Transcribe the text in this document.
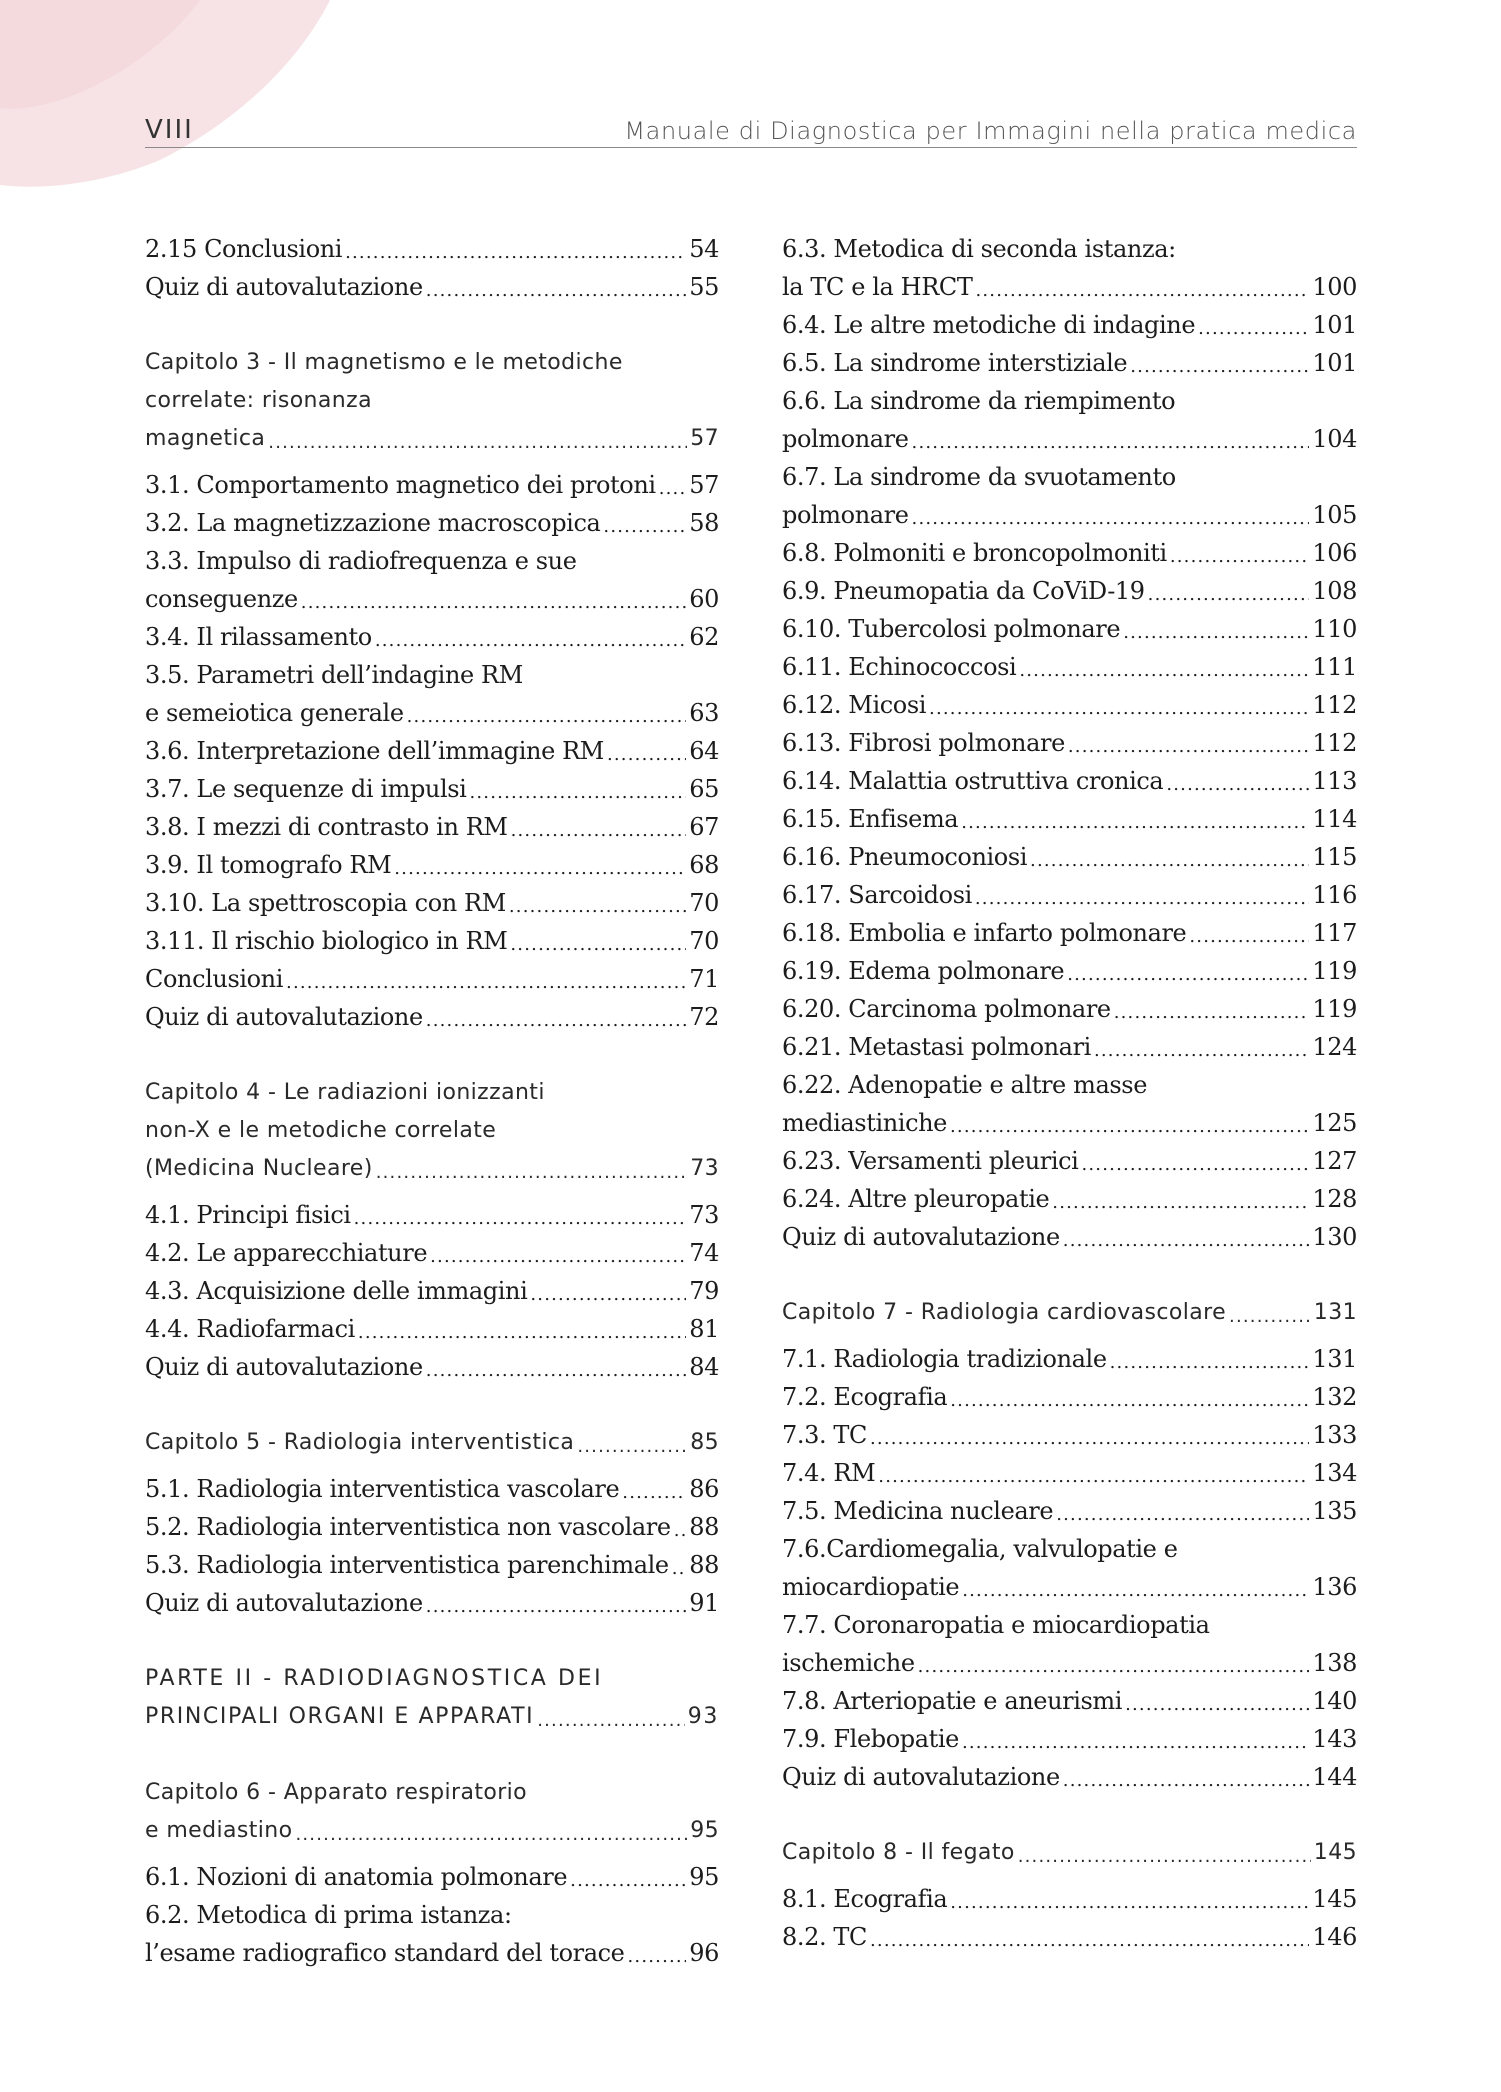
VIII	Manuale di Diagnostica per Immagini nella pratica medica
2.15 Conclusioni .....	54
Quiz di autovalutazione .....	55
Capitolo 3 - Il magnetismo e le metodiche
correlate: risonanza
magnetica .....	57
3.1. Comportamento magnetico dei protoni ..... 57
3.2. La magnetizzazione macroscopica .....	58
3.3. Impulso di radiofrequenza e sue
conseguenze .....	60
3.4. Il rilassamento .....	62
3.5. Parametri dell’indagine RM
e semeiotica generale .....	63
3.6. Interpretazione dell’immagine RM .....	64
3.7. Le sequenze di impulsi .....	65
3.8. I mezzi di contrasto in RM .....	67
3.9. Il tomografo RM .....	68
3.10. La spettroscopia con RM .....	70
3.11. Il rischio biologico in RM .....	70
Conclusioni .....	71
Quiz di autovalutazione .....	72
Capitolo 4 - Le radiazioni ionizzanti
non-X e le metodiche correlate
(Medicina Nucleare) .....	73
4.1. Principi fisici .....	73
4.2. Le apparecchiature .....	74
4.3. Acquisizione delle immagini .....	79
4.4. Radiofarmaci .....	81
Quiz di autovalutazione .....	84
Capitolo 5 - Radiologia interventistica .....	85
5.1. Radiologia interventistica vascolare .....	86
5.2. Radiologia interventistica non vascolare ..... 88
5.3. Radiologia interventistica parenchimale ..... 88
Quiz di autovalutazione .....	91
PARTE II - RADIODIAGNOSTICA DEI
PRINCIPALI ORGANI E APPARATI .....	93
Capitolo 6 - Apparato respiratorio
e mediastino .....	95
6.1. Nozioni di anatomia polmonare .....	95
6.2. Metodica di prima istanza:
l’esame radiografico standard del torace .....	96
6.3. Metodica di seconda istanza:
la TC e la HRCT .....	100
6.4. Le altre metodiche di indagine .....	101
6.5. La sindrome interstiziale .....	101
6.6. La sindrome da riempimento
polmonare .....	104
6.7. La sindrome da svuotamento
polmonare .....	105
6.8. Polmoniti e broncopolmoniti .....	106
6.9. Pneumopatia da CoViD-19 .....	108
6.10. Tubercolosi polmonare .....	110
6.11. Echinococcosi .....	111
6.12. Micosi .....	112
6.13. Fibrosi polmonare .....	112
6.14. Malattia ostruttiva cronica .....	113
6.15. Enfisema .....	114
6.16. Pneumoconiosi .....	115
6.17. Sarcoidosi .....	116
6.18. Embolia e infarto polmonare .....	117
6.19. Edema polmonare .....	119
6.20. Carcinoma polmonare .....	119
6.21. Metastasi polmonari .....	124
6.22. Adenopatie e altre masse
mediastiniche .....	125
6.23. Versamenti pleurici .....	127
6.24. Altre pleuropatie .....	128
Quiz di autovalutazione .....	130
Capitolo 7 - Radiologia cardiovascolare .....	131
7.1. Radiologia tradizionale .....	131
7.2. Ecografia .....	132
7.3. TC .....	133
7.4. RM .....	134
7.5. Medicina nucleare .....	135
7.6.Cardiomegalia, valvulopatie e
miocardiopatie .....	136
7.7. Coronaropatia e miocardiopatia
ischemiche .....	138
7.8. Arteriopatie e aneurismi .....	140
7.9. Flebopatie .....	143
Quiz di autovalutazione .....	144
Capitolo 8 - Il fegato .....	145
8.1. Ecografia .....	145
8.2. TC .....	146
